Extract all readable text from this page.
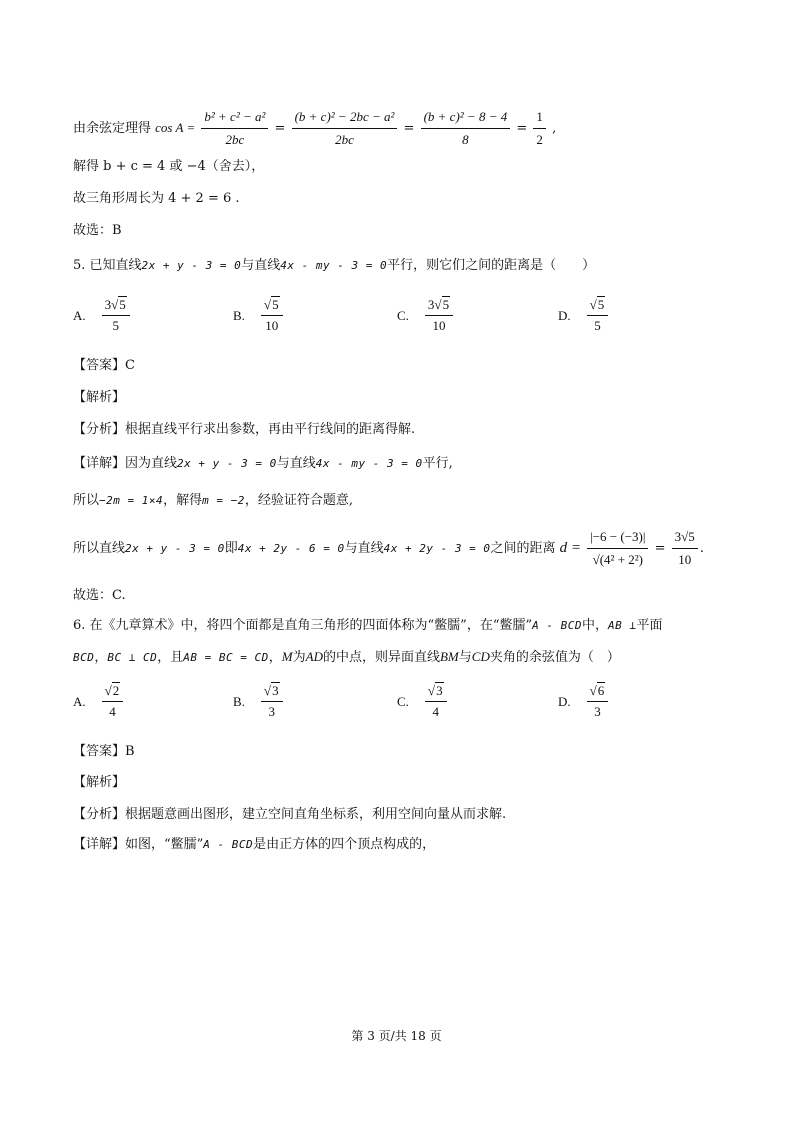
由余弦定理得 $\cos A = \frac{\text{b² + c² − a²}}{2bc} = \frac{\text{(b + c)² − 2bc − a²}}{2bc} = \frac{\text{(b + c)² − 8 − 4}}{8} = \frac{1}{2}$ ,
解得 b + c = 4 或 −4（舍去），
故三角形周长为 4 + 2 = 6 .
故选：B
5. 已知直线2x + y - 3 = 0与直线4x - my - 3 = 0平行，则它们之间的距离是（　　）
A. $\frac{3√5}{5}$	B. $\frac{√5}{10}$	C. $\frac{3√5}{10}$	D. $\frac{√5}{5}$
【答案】C
【解析】
【分析】根据直线平行求出参数，再由平行线间的距离得解.
【详解】因为直线2x + y - 3 = 0与直线4x - my - 3 = 0平行,
所以−2m = 1×4，解得m = −2，经验证符合题意,
所以直线2x + y - 3 = 0即4x + 2y - 6 = 0与直线4x + 2y - 3 = 0之间的距离 $d = \frac{|-6 - (-3)|}{\text{√(4² + 2²)}} = \frac{3√5}{10}$ .
故选：C.
6. 在《九章算术》中，将四个面都是直角三角形的四面体称为“鳖臑”，在“鳖臑”A - BCD中，AB ⊥平面
BCD，BC ⊥ CD，且AB = BC = CD，M为AD的中点，则异面直线BM与CD夹角的余弦值为（　）
A. $\frac{√2}{4}$	B. $\frac{√3}{3}$	C. $\frac{√3}{4}$	D. $\frac{√6}{3}$
【答案】B
【解析】
【分析】根据题意画出图形，建立空间直角坐标系，利用空间向量从而求解.
【详解】如图，“鳖臑”A - BCD是由正方体的四个顶点构成的，
第 3 页/共 18 页
